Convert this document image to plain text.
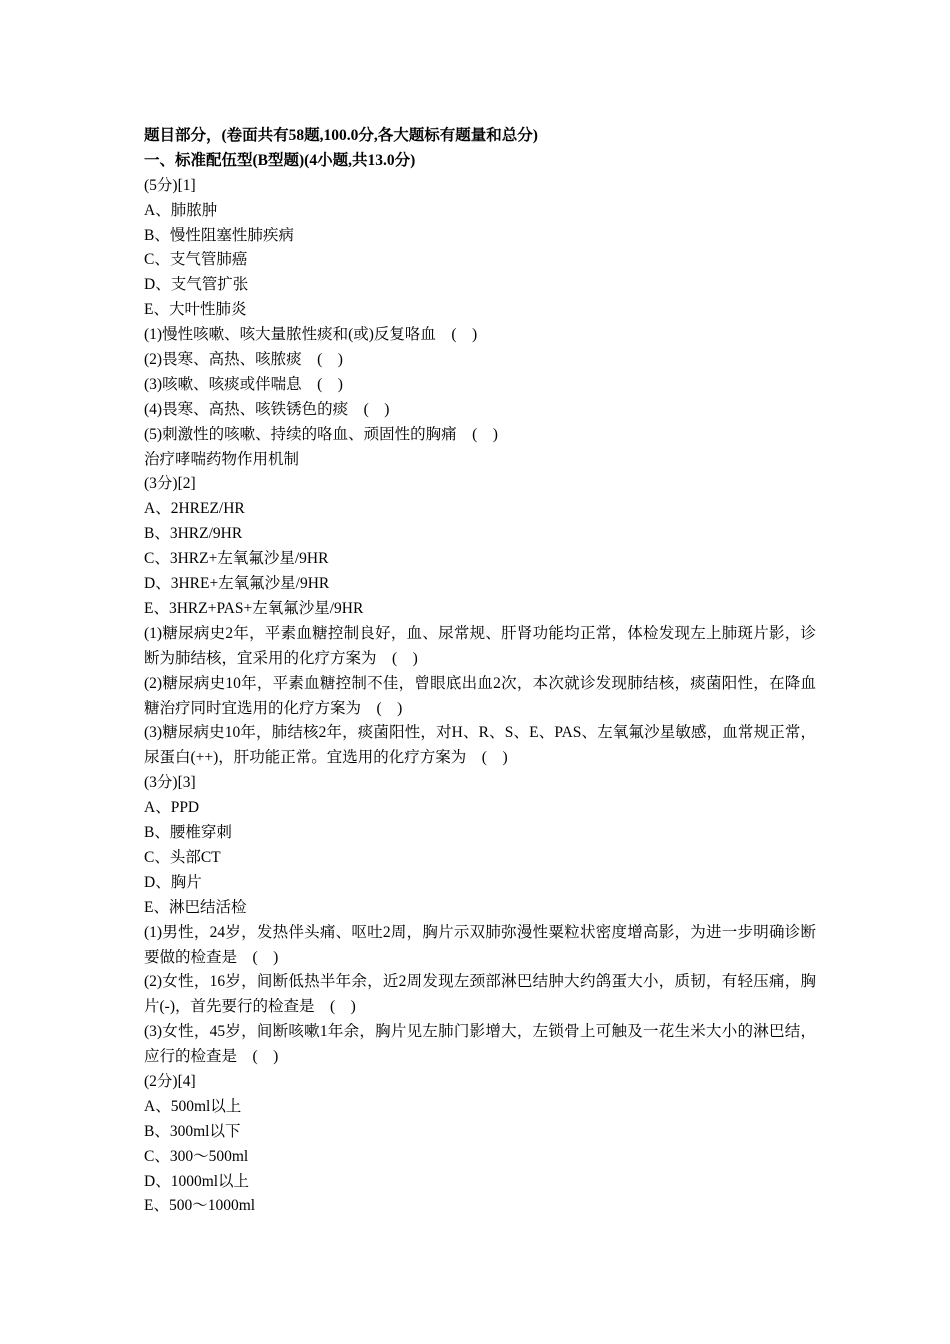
题目部分，(卷面共有58题,100.0分,各大题标有题量和总分)
一、标准配伍型(B型题)(4小题,共13.0分)
(5分)[1]
A、肺脓肿
B、慢性阻塞性肺疾病
C、支气管肺癌
D、支气管扩张
E、大叶性肺炎
(1)慢性咳嗽、咳大量脓性痰和(或)反复咯血    (    )
(2)畏寒、高热、咳脓痰    (    )
(3)咳嗽、咳痰或伴喘息    (    )
(4)畏寒、高热、咳铁锈色的痰    (    )
(5)刺激性的咳嗽、持续的咯血、顽固性的胸痛    (    )
治疗哮喘药物作用机制
(3分)[2]
A、2HREZ/HR
B、3HRZ/9HR
C、3HRZ+左氧氟沙星/9HR
D、3HRE+左氧氟沙星/9HR
E、3HRZ+PAS+左氧氟沙星/9HR
(1)糖尿病史2年，平素血糖控制良好，血、尿常规、肝肾功能均正常，体检发现左上肺斑片影，诊断为肺结核，宜采用的化疗方案为    (    )
(2)糖尿病史10年，平素血糖控制不佳，曾眼底出血2次，本次就诊发现肺结核，痰菌阳性，在降血糖治疗同时宜选用的化疗方案为    (    )
(3)糖尿病史10年，肺结核2年，痰菌阳性，对H、R、S、E、PAS、左氧氟沙星敏感，血常规正常，尿蛋白(++)，肝功能正常。宜选用的化疗方案为    (    )
(3分)[3]
A、PPD
B、腰椎穿刺
C、头部CT
D、胸片
E、淋巴结活检
(1)男性，24岁，发热伴头痛、呕吐2周，胸片示双肺弥漫性粟粒状密度增高影，为进一步明确诊断要做的检查是    (    )
(2)女性，16岁，间断低热半年余，近2周发现左颈部淋巴结肿大约鸽蛋大小，质韧，有轻压痛，胸片(-)，首先要行的检查是    (    )
(3)女性，45岁，间断咳嗽1年余，胸片见左肺门影增大，左锁骨上可触及一花生米大小的淋巴结，应行的检查是    (    )
(2分)[4]
A、500ml以上
B、300ml以下
C、300～500ml
D、1000ml以上
E、500～1000ml
